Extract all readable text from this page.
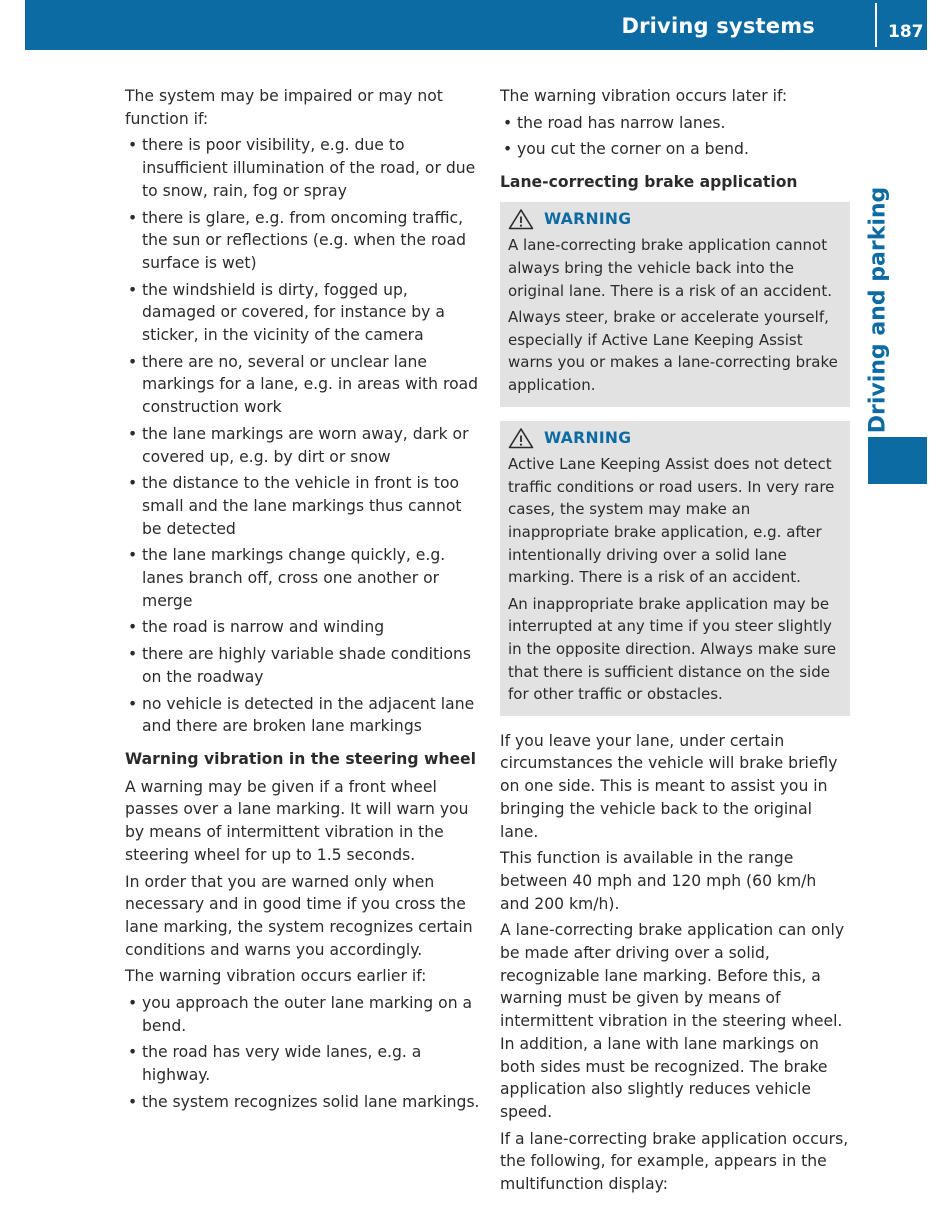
Driving systems	187
Driving and parking

The system may be impaired or may not function if:

• there is poor visibility, e.g. due to insufficient illumination of the road, or due to snow, rain, fog or spray
• there is glare, e.g. from oncoming traffic, the sun or reflections (e.g. when the road surface is wet)
• the windshield is dirty, fogged up, damaged or covered, for instance by a sticker, in the vicinity of the camera
• there are no, several or unclear lane markings for a lane, e.g. in areas with road construction work
• the lane markings are worn away, dark or covered up, e.g. by dirt or snow
• the distance to the vehicle in front is too small and the lane markings thus cannot be detected
• the lane markings change quickly, e.g. lanes branch off, cross one another or merge
• the road is narrow and winding
• there are highly variable shade conditions on the roadway
• no vehicle is detected in the adjacent lane and there are broken lane markings
Warning vibration in the steering wheel

A warning may be given if a front wheel passes over a lane marking. It will warn you by means of intermittent vibration in the steering wheel for up to 1.5 seconds.

In order that you are warned only when necessary and in good time if you cross the lane marking, the system recognizes certain conditions and warns you accordingly.

The warning vibration occurs earlier if:

• you approach the outer lane marking on a bend.
• the road has very wide lanes, e.g. a highway.
• the system recognizes solid lane markings.

The warning vibration occurs later if:

• the road has narrow lanes.
• you cut the corner on a bend.
Lane-correcting brake application
WARNING

A lane-correcting brake application cannot always bring the vehicle back into the original lane. There is a risk of an accident.

Always steer, brake or accelerate yourself, especially if Active Lane Keeping Assist warns you or makes a lane-correcting brake application.

WARNING

Active Lane Keeping Assist does not detect traffic conditions or road users. In very rare cases, the system may make an inappropriate brake application, e.g. after intentionally driving over a solid lane marking. There is a risk of an accident.

An inappropriate brake application may be interrupted at any time if you steer slightly in the opposite direction. Always make sure that there is sufficient distance on the side for other traffic or obstacles.

If you leave your lane, under certain circumstances the vehicle will brake briefly on one side. This is meant to assist you in bringing the vehicle back to the original lane.

This function is available in the range between 40 mph and 120 mph (60 km/h and 200 km/h).

A lane-correcting brake application can only be made after driving over a solid, recognizable lane marking. Before this, a warning must be given by means of intermittent vibration in the steering wheel. In addition, a lane with lane markings on both sides must be recognized. The brake application also slightly reduces vehicle speed.

If a lane-correcting brake application occurs, the following, for example, appears in the multifunction display:
